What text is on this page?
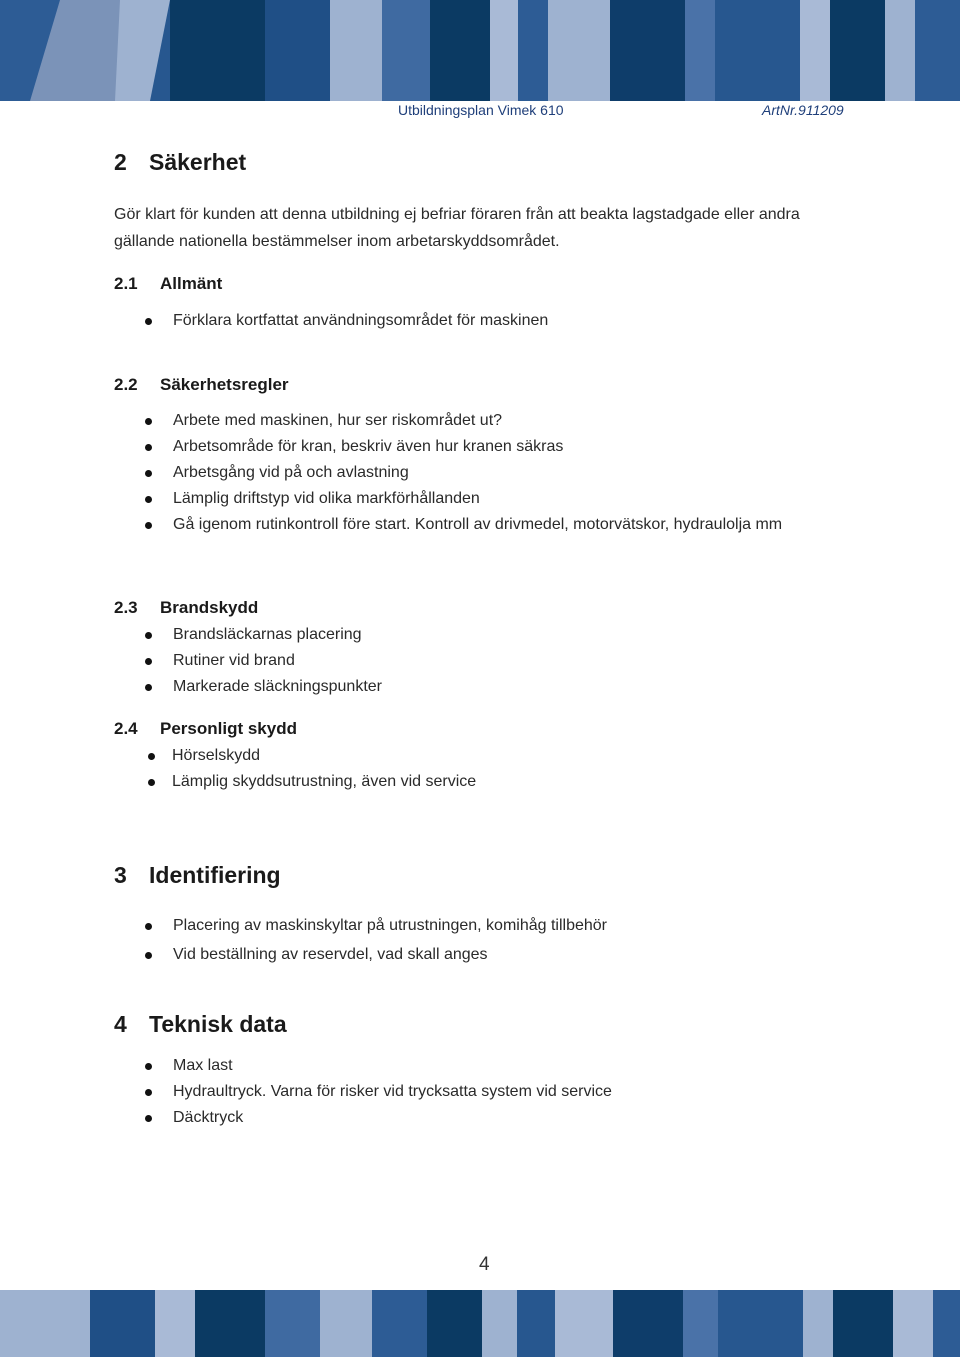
Utbildningsplan Vimek 610	ArtNr.911209
2 Säkerhet
Gör klart för kunden att denna utbildning ej befriar föraren från att beakta lagstadgade eller andra gällande nationella bestämmelser inom arbetarskyddsområdet.
2.1 Allmänt
Förklara kortfattat användningsområdet för maskinen
2.2 Säkerhetsregler
Arbete med maskinen, hur ser riskområdet ut?
Arbetsområde för kran, beskriv även hur kranen säkras
Arbetsgång vid på och avlastning
Lämplig driftstyp vid olika markförhållanden
Gå igenom rutinkontroll före start. Kontroll av drivmedel, motorvätskor, hydraulolja mm
2.3 Brandskydd
Brandsläckarnas placering
Rutiner vid brand
Markerade släckningspunkter
2.4 Personligt skydd
Hörselskydd
Lämplig skyddsutrustning, även vid service
3 Identifiering
Placering av maskinskyltar på utrustningen, komihåg tillbehör
Vid beställning av reservdel, vad skall anges
4 Teknisk data
Max last
Hydraultryck. Varna för risker vid trycksatta system vid service
Däcktryck
4
